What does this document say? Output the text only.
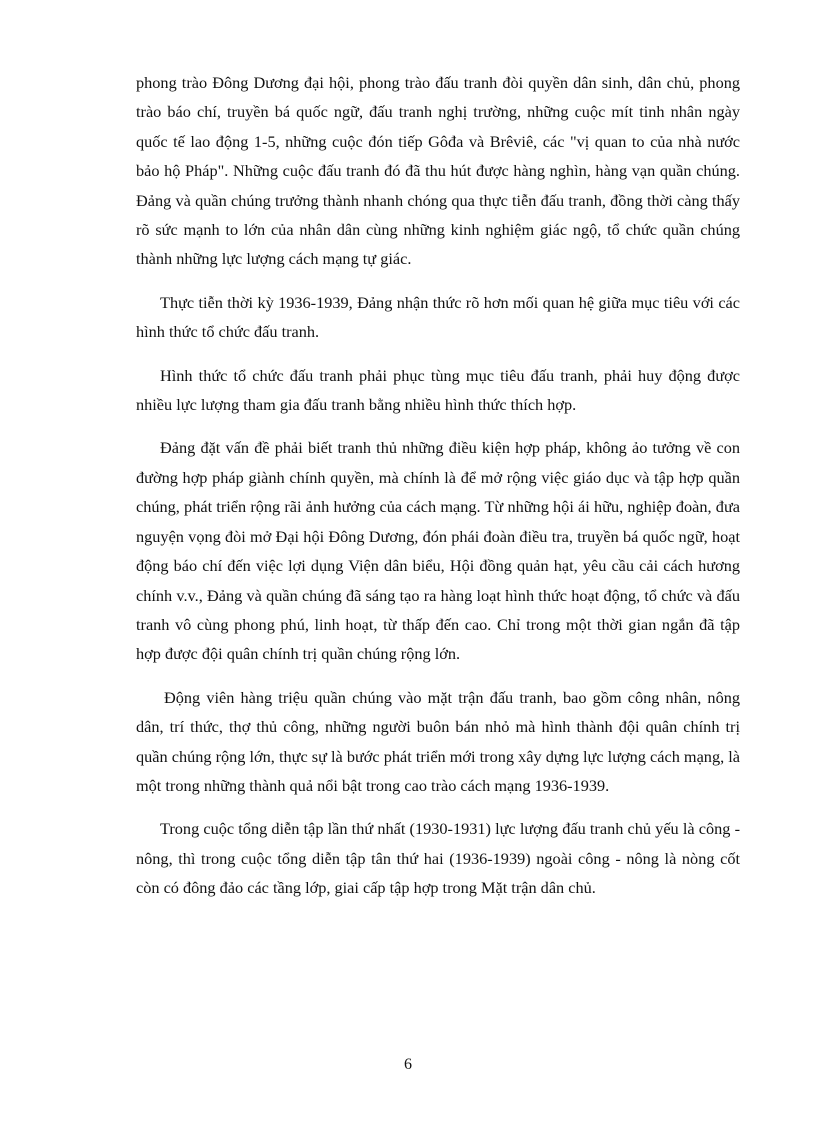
phong trào Đông Dương đại hội, phong trào đấu tranh đòi quyền dân sinh, dân chủ, phong trào báo chí, truyền bá quốc ngữ, đấu tranh nghị trường, những cuộc mít tinh nhân ngày quốc tế lao động 1-5, những cuộc đón tiếp Gôđa và Brêviê, các "vị quan to của nhà nước bảo hộ Pháp". Những cuộc đấu tranh đó đã thu hút được hàng nghìn, hàng vạn quần chúng. Đảng và quần chúng trưởng thành nhanh chóng qua thực tiễn đấu tranh, đồng thời càng thấy rõ sức mạnh to lớn của nhân dân cùng những kinh nghiệm giác ngộ, tổ chức quần chúng thành những lực lượng cách mạng tự giác.

Thực tiễn thời kỳ 1936-1939, Đảng nhận thức rõ hơn mối quan hệ giữa mục tiêu với các hình thức tổ chức đấu tranh.

Hình thức tổ chức đấu tranh phải phục tùng mục tiêu đấu tranh, phải huy động được nhiều lực lượng tham gia đấu tranh bằng nhiều hình thức thích hợp.

Đảng đặt vấn đề phải biết tranh thủ những điều kiện hợp pháp, không ảo tưởng về con đường hợp pháp giành chính quyền, mà chính là để mở rộng việc giáo dục và tập hợp quần chúng, phát triển rộng rãi ảnh hưởng của cách mạng. Từ những hội ái hữu, nghiệp đoàn, đưa nguyện vọng đòi mở Đại hội Đông Dương, đón phái đoàn điều tra, truyền bá quốc ngữ, hoạt động báo chí đến việc lợi dụng Viện dân biểu, Hội đồng quản hạt, yêu cầu cải cách hương chính v.v., Đảng và quần chúng đã sáng tạo ra hàng loạt hình thức hoạt động, tổ chức và đấu tranh vô cùng phong phú, linh hoạt, từ thấp đến cao. Chỉ trong một thời gian ngắn đã tập hợp được đội quân chính trị quần chúng rộng lớn.

Động viên hàng triệu quần chúng vào mặt trận đấu tranh, bao gồm công nhân, nông dân, trí thức, thợ thủ công, những người buôn bán nhỏ mà hình thành đội quân chính trị quần chúng rộng lớn, thực sự là bước phát triển mới trong xây dựng lực lượng cách mạng, là một trong những thành quả nổi bật trong cao trào cách mạng 1936-1939.

Trong cuộc tổng diễn tập lần thứ nhất (1930-1931) lực lượng đấu tranh chủ yếu là công - nông, thì trong cuộc tổng diễn tập tân thứ hai (1936-1939) ngoài công - nông là nòng cốt còn có đông đảo các tầng lớp, giai cấp tập hợp trong Mặt trận dân chủ.

6
